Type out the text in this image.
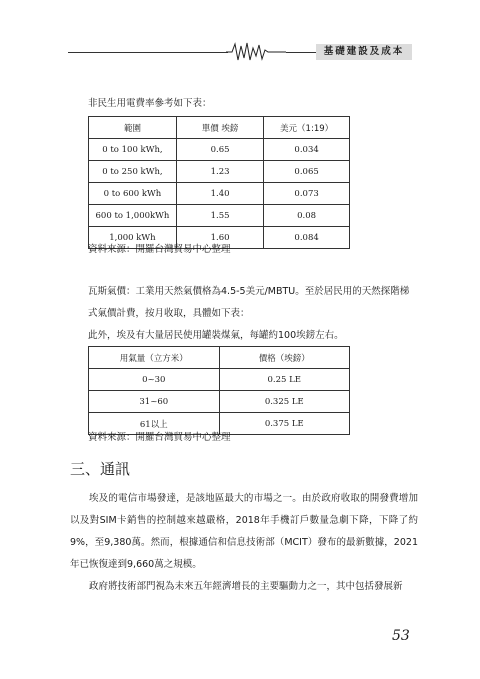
基礎建設及成本
非民生用電費率參考如下表：
範圍	單價 埃鎊	美元（1:19）
0 to 100 kWh,	0.65	0.034
0 to 250 kWh,	1.23	0.065
0 to 600 kWh	1.40	0.073
600 to 1,000kWh	1.55	0.08
1,000 kWh	1.60	0.084
資料來源：開羅台灣貿易中心整理
瓦斯氣價：工業用天然氣價格為4.5-5美元/MBTU。至於居民用的天然探階梯
式氣價計費，按月收取，具體如下表：
此外，埃及有大量居民使用罐裝煤氣，每罐約100埃鎊左右。
用氣量（立方米）	價格（埃鎊）
0~30	0.25 LE
31~60	0.325 LE
61以上	0.375 LE
資料來源：開羅台灣貿易中心整理
三、通訊

埃及的電信市場發達，是該地區最大的市場之一。由於政府收取的開發費增加以及對SIM卡銷售的控制越來越嚴格，2018年手機訂戶數量急劇下降，下降了約9%，至9,380萬。然而，根據通信和信息技術部（MCIT）發布的最新數據，2021年已恢復達到9,660萬之規模。

政府將技術部門視為未來五年經濟增長的主要驅動力之一，其中包括發展新

53
